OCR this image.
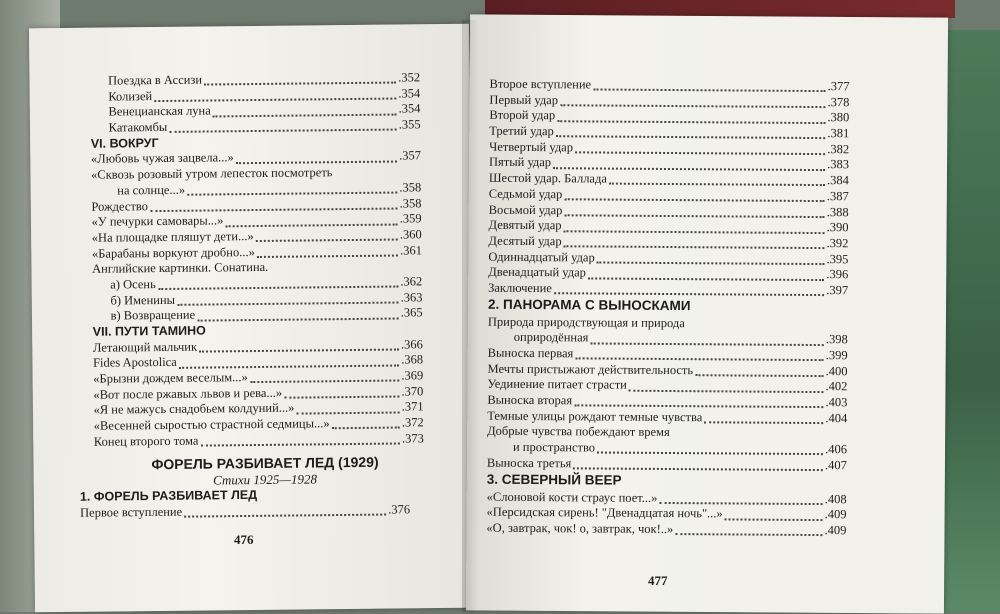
Поездка в Ассизи	.352
Колизей	.354
Венецианская луна	.354
Катакомбы	.355
VI. ВОКРУГ
«Любовь чужая зацвела...»	.357
«Сквозь розовый утром лепесток посмотреть
на солнце...»	.358
Рождество	.358
«У печурки самовары...»	.359
«На площадке пляшут дети...»	.360
«Барабаны воркуют дробно...»	.361
Английские картинки. Сонатина.
а) Осень	.362
б) Именины	.363
в) Возвращение	.365
VII. ПУТИ ТАМИНО
Летающий мальчик	.366
Fides Apostolica	.368
«Брызни дождем веселым...»	.369
«Вот после ржавых львов и рева...»	.370
«Я не мажусь снадобьем колдуний...»	.371
«Весенней сыростью страстной седмицы...»	.372
Конец второго тома	.373
ФОРЕЛЬ РАЗБИВАЕТ ЛЕД (1929)
Стихи 1925—1928
1. ФОРЕЛЬ РАЗБИВАЕТ ЛЕД
Первое вступление	.376
476
Второе вступление	.377
Первый удар	.378
Второй удар	.380
Третий удар	.381
Четвертый удар	.382
Пятый удар	.383
Шестой удар. Баллада	.384
Седьмой удар	.387
Восьмой удар	.388
Девятый удар	.390
Десятый удар	.392
Одиннадцатый удар	.395
Двенадцатый удар	.396
Заключение	.397
2. ПАНОРАМА С ВЫНОСКАМИ
Природа природствующая и природа
оприродённая	.398
Выноска первая	.399
Мечты пристыжают действительность	.400
Уединение питает страсти	.402
Выноска вторая	.403
Темные улицы рождают темные чувства	.404
Добрые чувства побеждают время
и пространство	.406
Выноска третья	.407
3. СЕВЕРНЫЙ ВЕЕР
«Слоновой кости страус поет...»	.408
«Персидская сирень! "Двенадцатая ночь"...»	.409
«О, завтрак, чок! о, завтрак, чок!..»	.409
477
